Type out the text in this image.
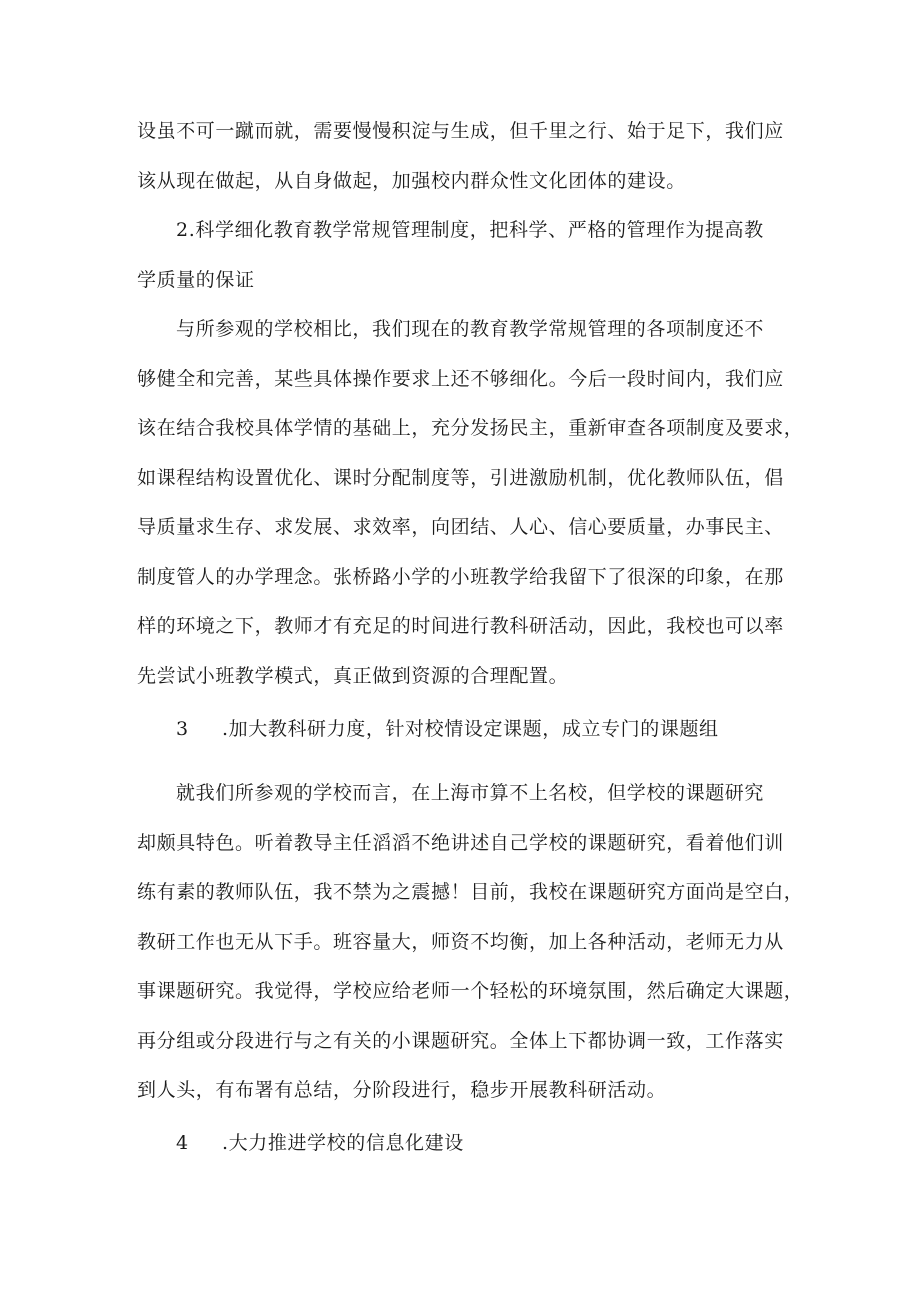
设虽不可一蹴而就，需要慢慢积淀与生成，但千里之行、始于足下，我们应
该从现在做起，从自身做起，加强校内群众性文化团体的建设。
2.科学细化教育教学常规管理制度，把科学、严格的管理作为提高教
学质量的保证
与所参观的学校相比，我们现在的教育教学常规管理的各项制度还不
够健全和完善，某些具体操作要求上还不够细化。今后一段时间内，我们应
该在结合我校具体学情的基础上，充分发扬民主，重新审查各项制度及要求，
如课程结构设置优化、课时分配制度等，引进激励机制，优化教师队伍，倡
导质量求生存、求发展、求效率，向团结、人心、信心要质量，办事民主、
制度管人的办学理念。张桥路小学的小班教学给我留下了很深的印象，在那
样的环境之下，教师才有充足的时间进行教科研活动，因此，我校也可以率
先尝试小班教学模式，真正做到资源的合理配置。
3 .加大教科研力度，针对校情设定课题，成立专门的课题组
就我们所参观的学校而言，在上海市算不上名校，但学校的课题研究
却颇具特色。听着教导主任滔滔不绝讲述自己学校的课题研究，看着他们训
练有素的教师队伍，我不禁为之震撼！目前，我校在课题研究方面尚是空白，
教研工作也无从下手。班容量大，师资不均衡，加上各种活动，老师无力从
事课题研究。我觉得，学校应给老师一个轻松的环境氛围，然后确定大课题，
再分组或分段进行与之有关的小课题研究。全体上下都协调一致，工作落实
到人头，有布署有总结，分阶段进行，稳步开展教科研活动。
4 .大力推进学校的信息化建设
